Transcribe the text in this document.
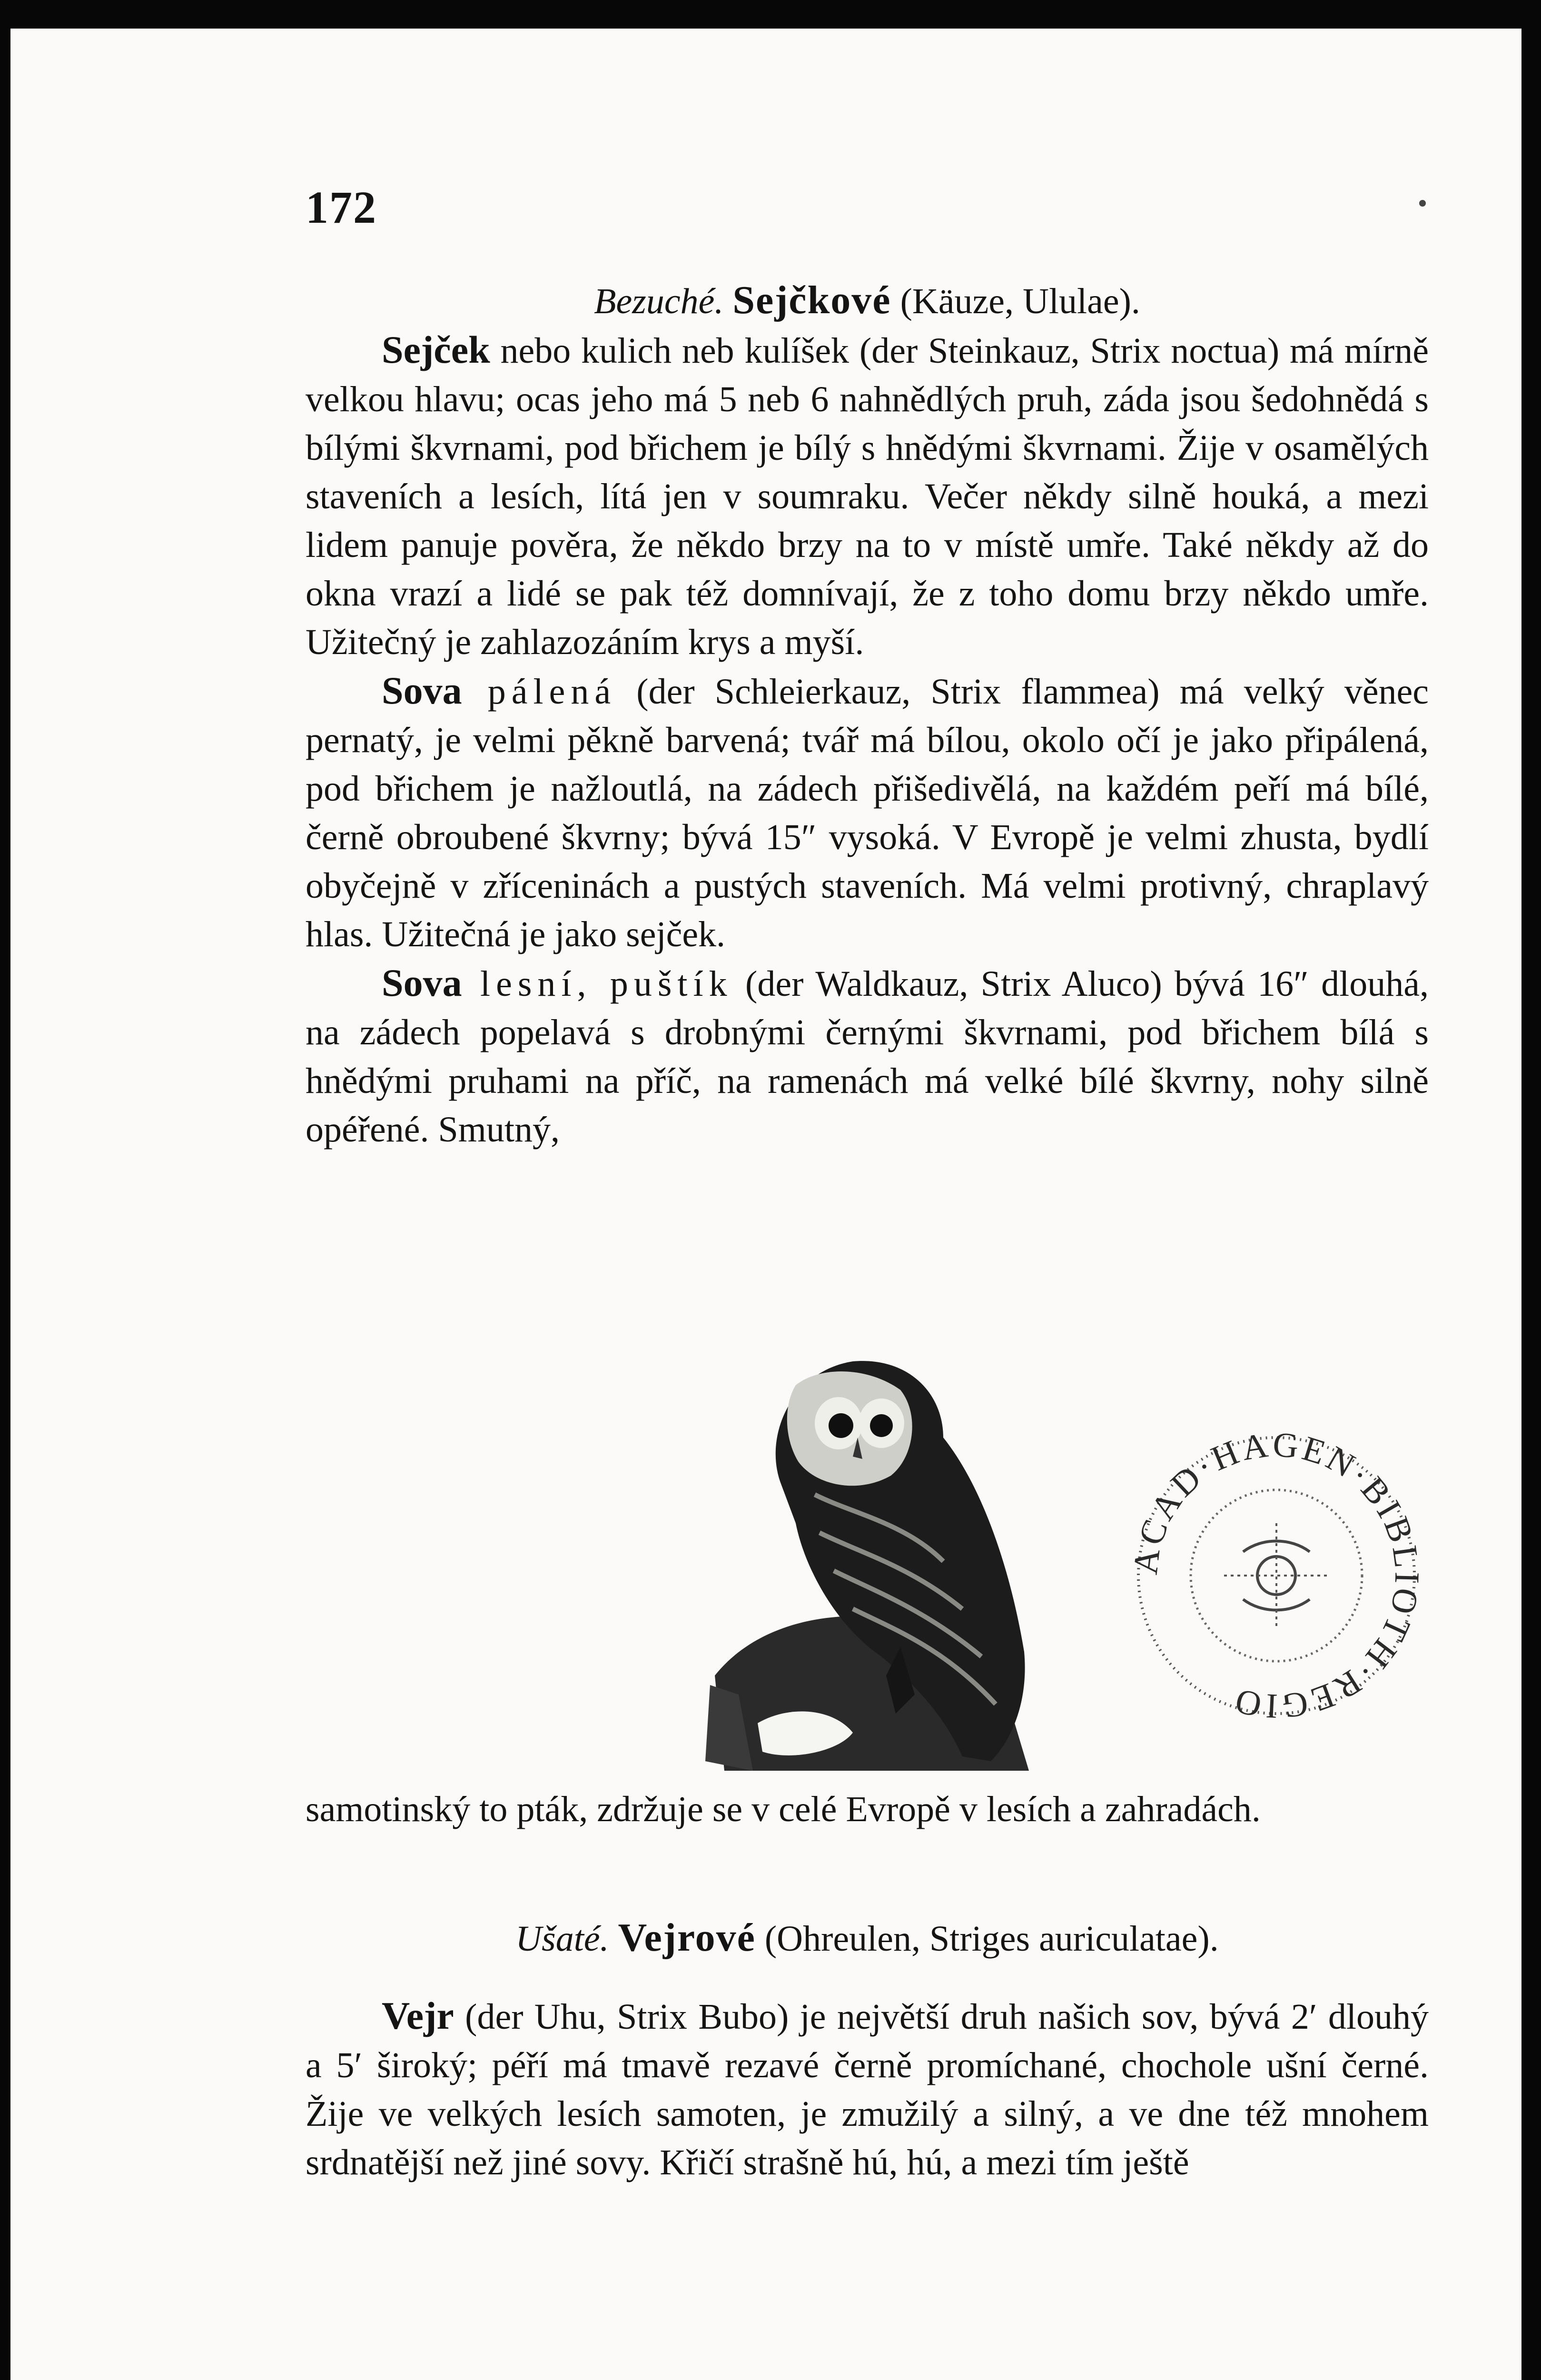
172

Bezuché. Sejčkové (Käuze, Ululae).

Sejček nebo kulich neb kulíšek (der Steinkauz, Strix noctua) má mírně velkou hlavu; ocas jeho má 5 neb 6 nahnědlých pruh, záda jsou šedohnědá s bílými škvrnami, pod břichem je bílý s hnědými škvrnami. Žije v osamělých staveních a lesích, lítá jen v soumraku. Večer někdy silně houká, a mezi lidem panuje pověra, že někdo brzy na to v místě umře. Také někdy až do okna vrazí a lidé se pak též domnívají, že z toho domu brzy někdo umře. Užitečný je zahlazozáním krys a myší.

Sova pálená (der Schleierkauz, Strix flammea) má velký věnec pernatý, je velmi pěkně barvená; tvář má bílou, okolo očí je jako připálená, pod břichem je nažloutlá, na zádech přišedivělá, na každém peří má bílé, černě obroubené škvrny; bývá 15″ vysoká. V Evropě je velmi zhusta, bydlí obyčejně v zříceninách a pustých staveních. Má velmi protivný, chraplavý hlas. Užitečná je jako sejček.

Sova lesní, puštík (der Waldkauz, Strix Aluco) bývá 16″ dlouhá, na zádech popelavá s drobnými černými škvrnami, pod břichem bílá s hnědými pruhami na příč, na ramenách má velké bílé škvrny, nohy silně opéřené. Smutný,

ACAD·HAGEN·BIBLIOTH·REGIO

samotinský to pták, zdržuje se v celé Evropě v lesích a zahradách.

Ušaté. Vejrové (Ohreulen, Striges auriculatae).

Vejr (der Uhu, Strix Bubo) je největší druh našich sov, bývá 2′ dlouhý a 5′ široký; péří má tmavě rezavé černě promíchané, chochole ušní černé. Žije ve velkých lesích samoten, je zmužilý a silný, a ve dne též mnohem srdnatější než jiné sovy. Křičí strašně hú, hú, a mezi tím ještě
